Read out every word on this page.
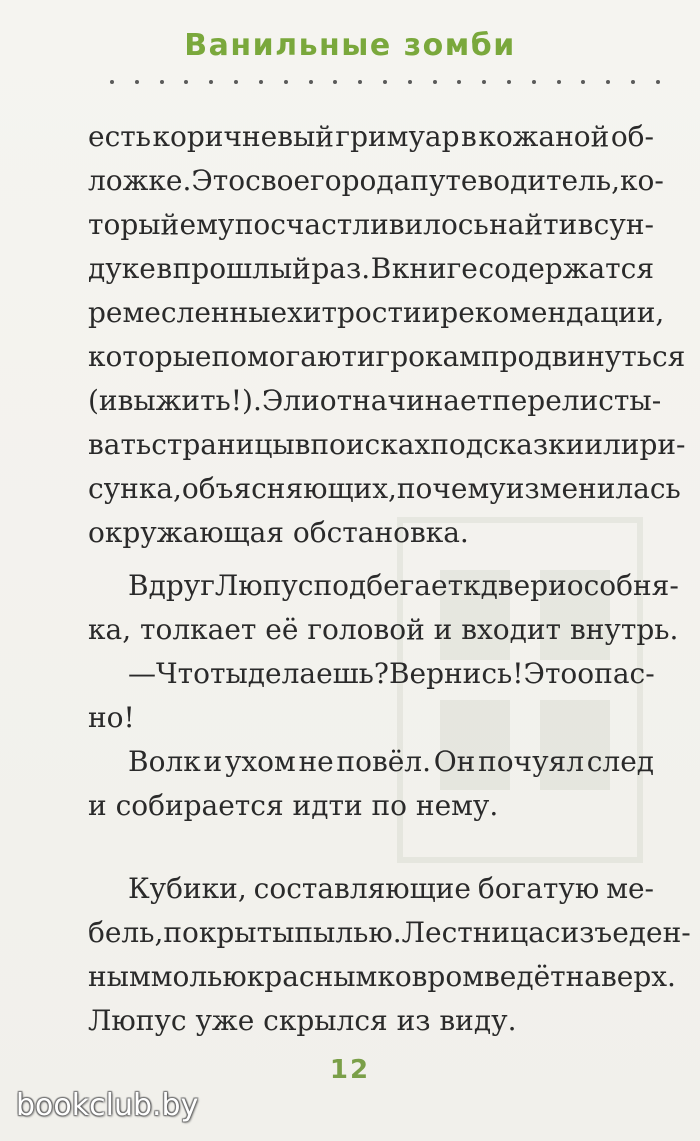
Ванильные зомби
есть коричневый гримуар в кожаной об-
ложке. Это своего рода путеводитель, ко-
торый ему посчастливилось найти в сун-
дуке в прошлый раз. В книге содержатся
ремесленные хитрости и рекомендации,
которые помогают игрокам продвинуться
(и выжить!). Элиот начинает перелисты-
вать страницы в поисках подсказки или ри-
сунка, объясняющих, почему изменилась
окружающая обстановка.
Вдруг Люпус подбегает к двери особня-
ка, толкает её головой и входит внутрь.
— Что ты делаешь? Вернись! Это опас-
но!
Волк и ухом не повёл. Он почуял след
и собирается идти по нему.
Кубики, составляющие богатую ме-
бель, покрыты пылью. Лестница с изъеден-
ным молью красным ковром ведёт наверх.
Люпус уже скрылся из виду.
12
bookclub.by
